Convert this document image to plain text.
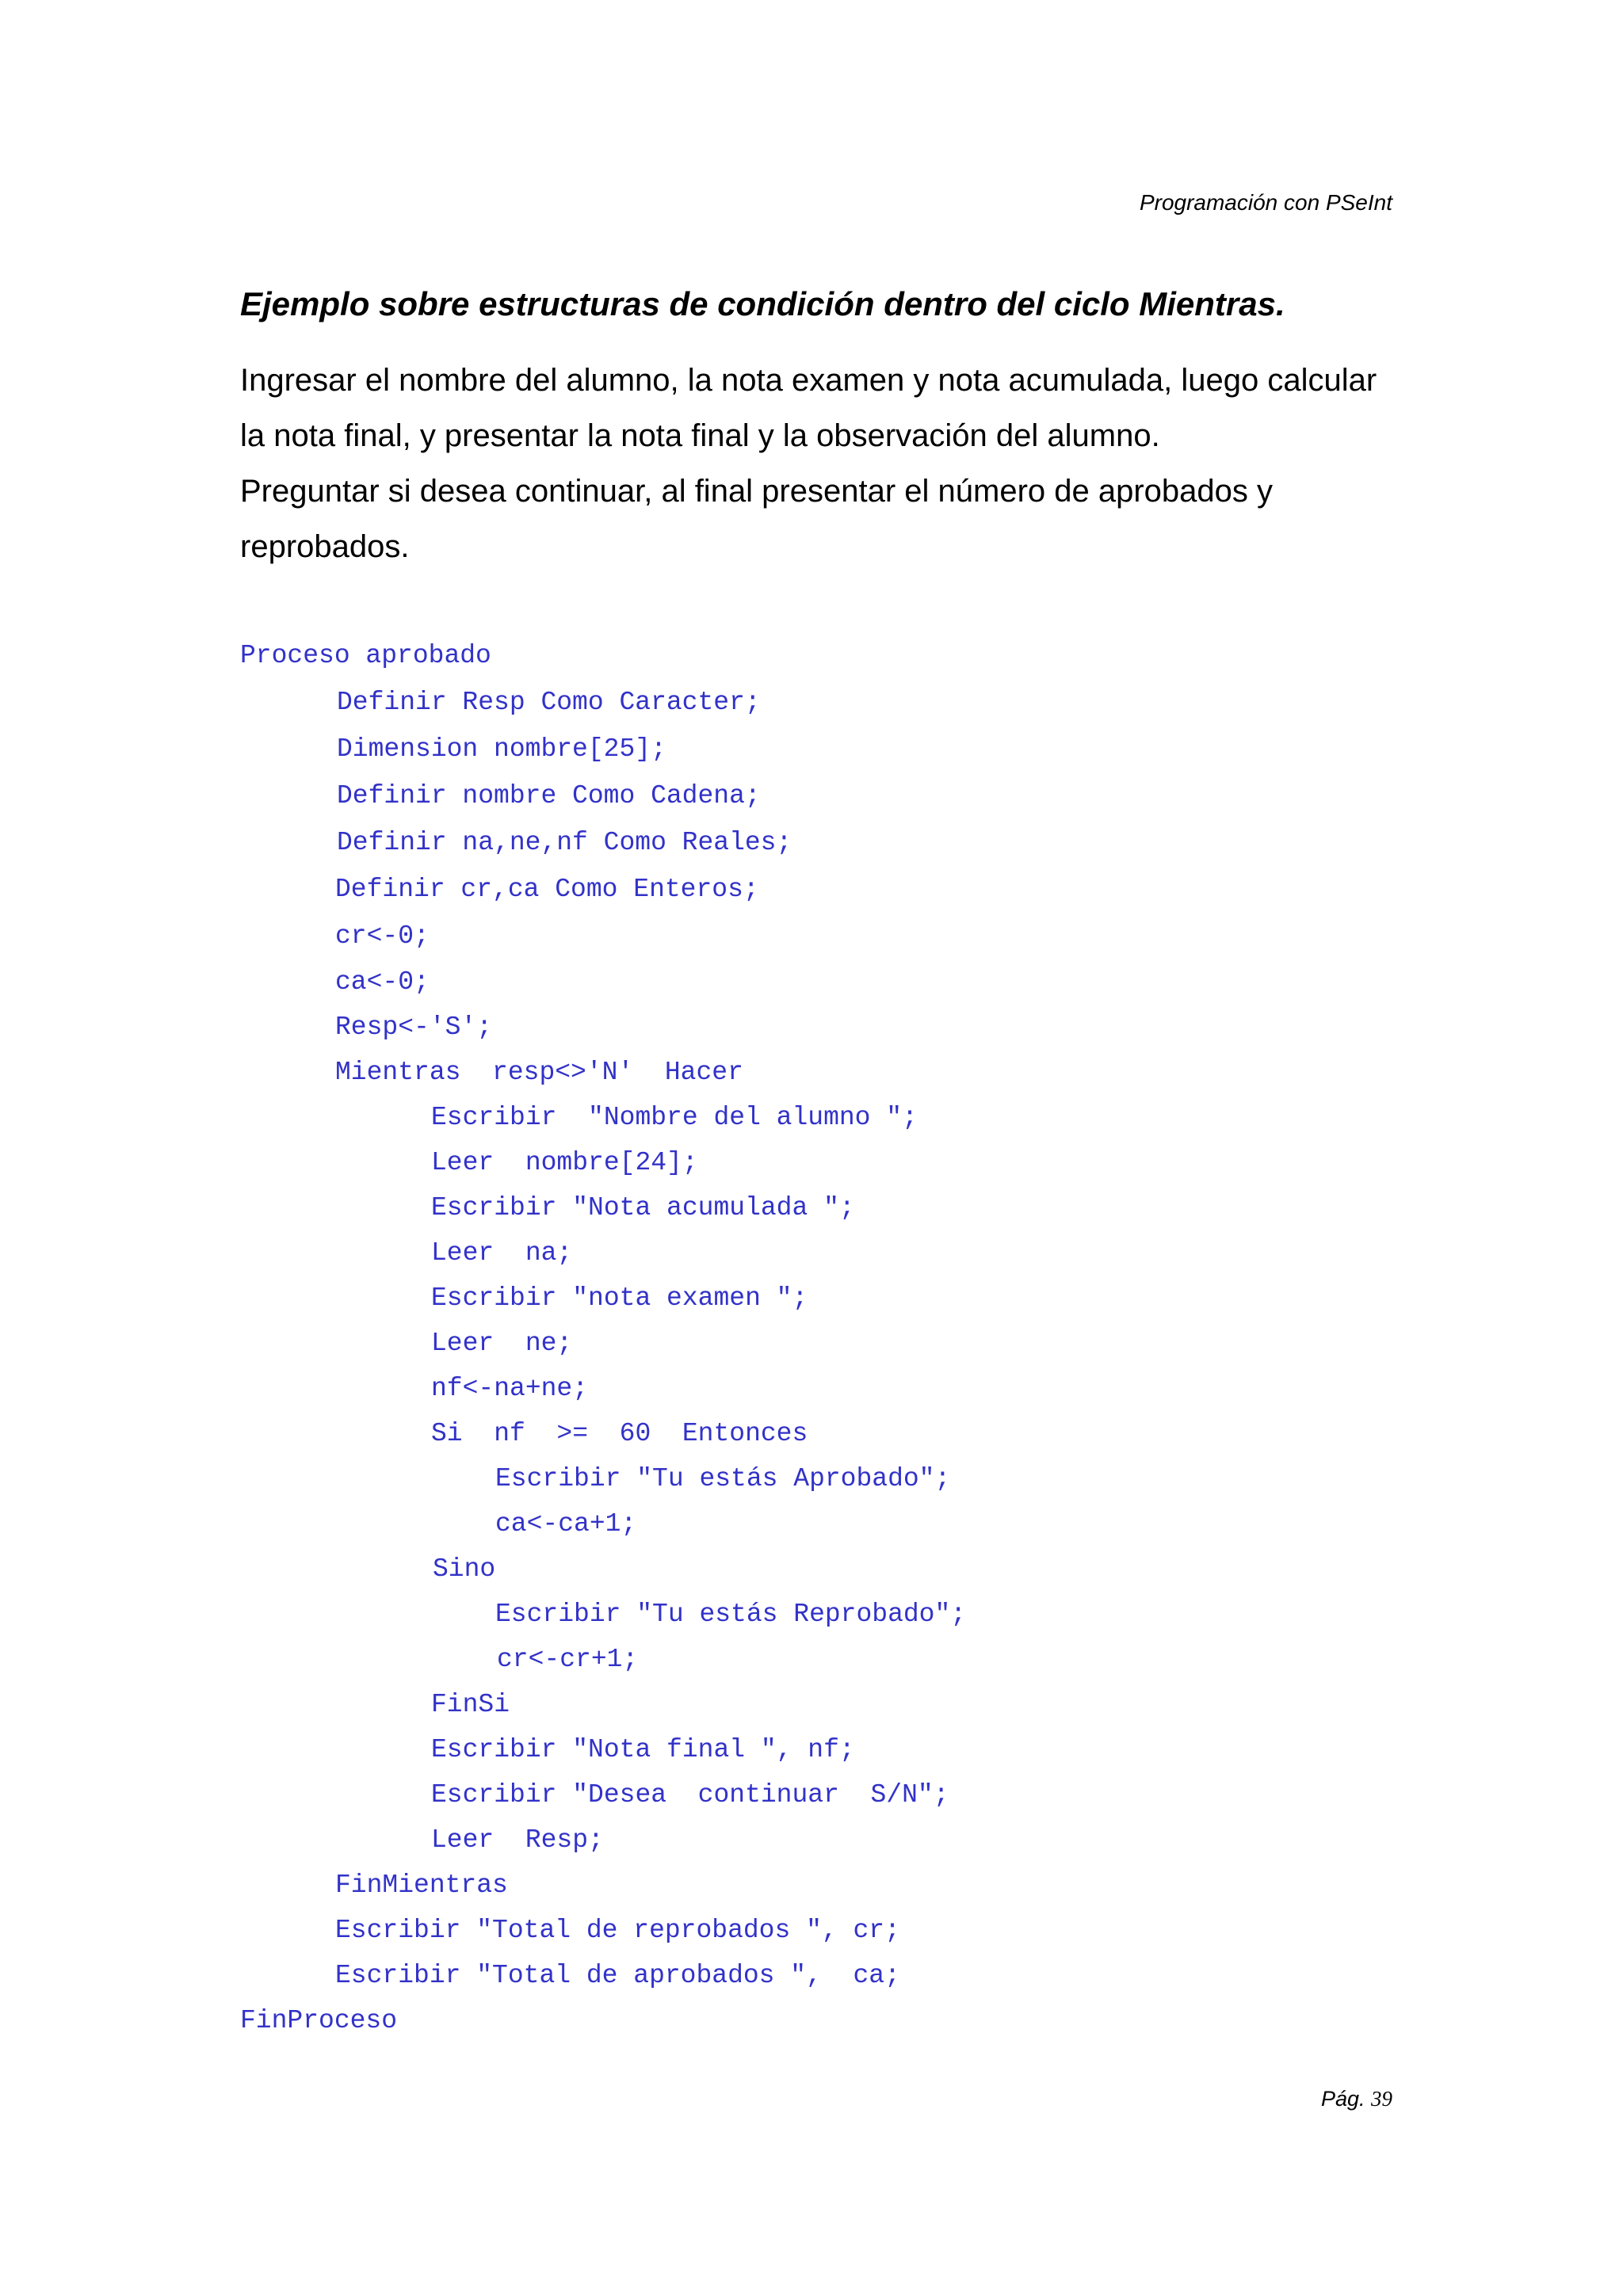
Programación con PSeInt
Ejemplo sobre estructuras de condición dentro del ciclo Mientras.
Ingresar el nombre del alumno, la nota examen y nota acumulada, luego calcular
la nota final, y presentar la nota final y la observación del alumno.
Preguntar si desea continuar, al final presentar el número de aprobados y
reprobados.
Proceso aprobado
Definir Resp Como Caracter;
Dimension nombre[25];
Definir nombre Como Cadena;
Definir na,ne,nf Como Reales;
Definir cr,ca Como Enteros;
cr<-0;
ca<-0;
Resp<-'S';
Mientras  resp<>'N'  Hacer
Escribir  "Nombre del alumno ";
Leer  nombre[24];
Escribir "Nota acumulada ";
Leer  na;
Escribir "nota examen ";
Leer  ne;
nf<-na+ne;
Si  nf  >=  60  Entonces
Escribir "Tu estás Aprobado";
ca<-ca+1;
Sino
Escribir "Tu estás Reprobado";
cr<-cr+1;
FinSi
Escribir "Nota final ", nf;
Escribir "Desea  continuar  S/N";
Leer  Resp;
FinMientras
Escribir "Total de reprobados ", cr;
Escribir "Total de aprobados ",  ca;
FinProceso
Pág. 39
